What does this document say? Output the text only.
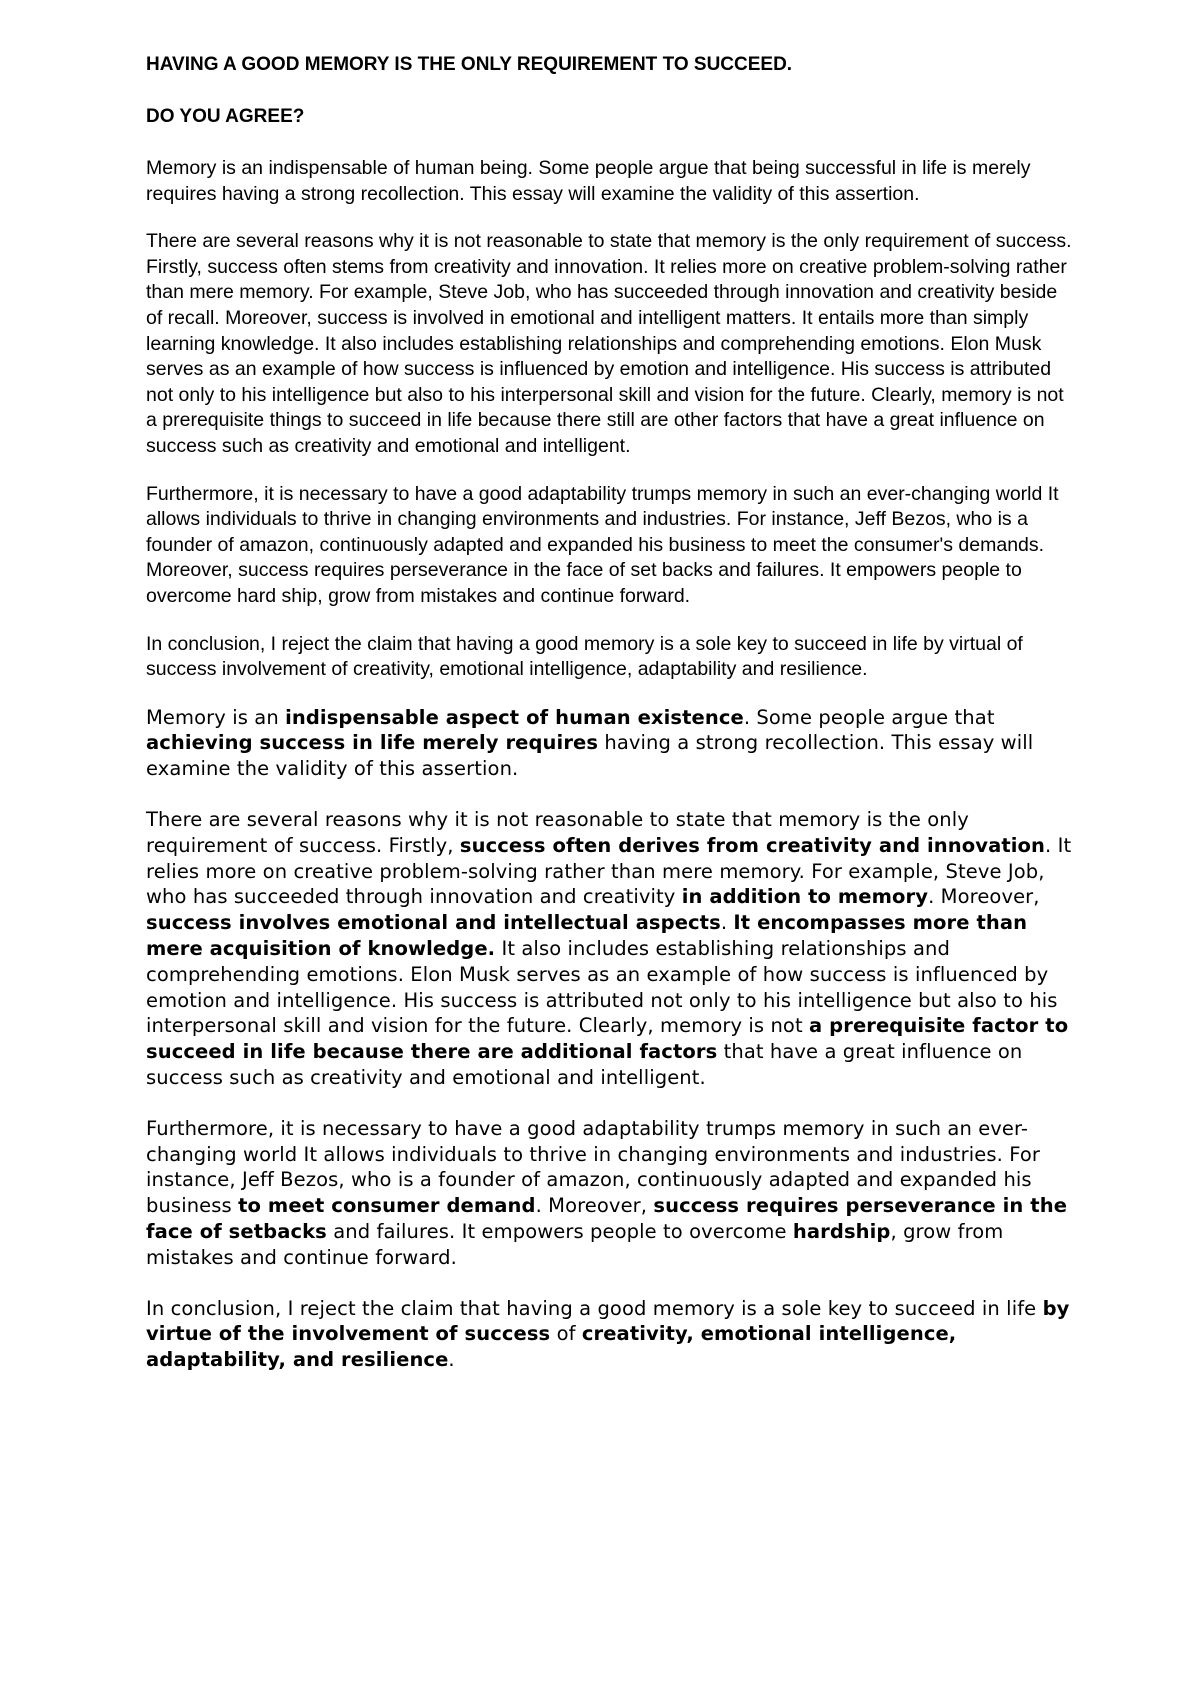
HAVING A GOOD MEMORY IS THE ONLY REQUIREMENT TO SUCCEED.
DO YOU AGREE?

Memory is an indispensable of human being. Some people argue that being successful in life is merely requires having a strong recollection. This essay will examine the validity of this assertion.

There are several reasons why it is not reasonable to state that memory is the only requirement of success. Firstly, success often stems from creativity and innovation. It relies more on creative problem-solving rather than mere memory. For example, Steve Job, who has succeeded through innovation and creativity beside of recall. Moreover, success is involved in emotional and intelligent matters. It entails more than simply learning knowledge. It also includes establishing relationships and comprehending emotions. Elon Musk serves as an example of how success is influenced by emotion and intelligence. His success is attributed not only to his intelligence but also to his interpersonal skill and vision for the future. Clearly, memory is not a prerequisite things to succeed in life because there still are other factors that have a great influence on success such as creativity and emotional and intelligent.

Furthermore, it is necessary to have a good adaptability trumps memory in such an ever-changing world It allows individuals to thrive in changing environments and industries. For instance, Jeff Bezos, who is a founder of amazon, continuously adapted and expanded his business to meet the consumer's demands. Moreover, success requires perseverance in the face of set backs and failures. It empowers people to overcome hard ship, grow from mistakes and continue forward.

In conclusion, I reject the claim that having a good memory is a sole key to succeed in life by virtual of success involvement of creativity, emotional intelligence, adaptability and resilience.

Memory is an indispensable aspect of human existence. Some people argue that achieving success in life merely requires having a strong recollection. This essay will examine the validity of this assertion.

There are several reasons why it is not reasonable to state that memory is the only requirement of success. Firstly, success often derives from creativity and innovation. It relies more on creative problem-solving rather than mere memory. For example, Steve Job, who has succeeded through innovation and creativity in addition to memory. Moreover, success involves emotional and intellectual aspects. It encompasses more than mere acquisition of knowledge. It also includes establishing relationships and comprehending emotions. Elon Musk serves as an example of how success is influenced by emotion and intelligence. His success is attributed not only to his intelligence but also to his interpersonal skill and vision for the future. Clearly, memory is not a prerequisite factor to succeed in life because there are additional factors that have a great influence on success such as creativity and emotional and intelligent.

Furthermore, it is necessary to have a good adaptability trumps memory in such an ever- changing world It allows individuals to thrive in changing environments and industries. For instance, Jeff Bezos, who is a founder of amazon, continuously adapted and expanded his business to meet consumer demand. Moreover, success requires perseverance in the face of setbacks and failures. It empowers people to overcome hardship, grow from mistakes and continue forward.

In conclusion, I reject the claim that having a good memory is a sole key to succeed in life by virtue of the involvement of success of creativity, emotional intelligence, adaptability, and resilience.
